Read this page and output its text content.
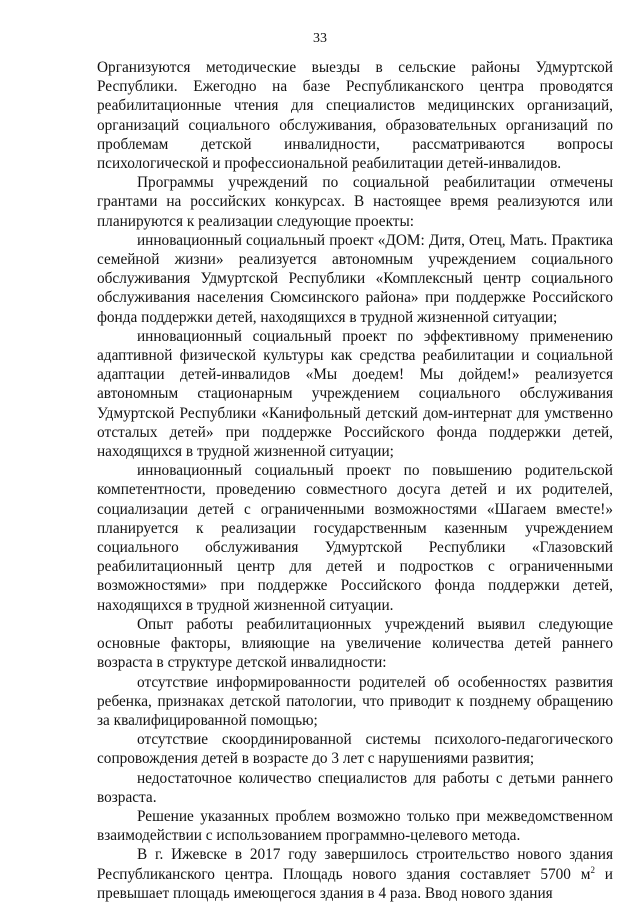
33

Организуются методические выезды в сельские районы Удмуртской Республики. Ежегодно на базе Республиканского центра проводятся реабилитационные чтения для специалистов медицинских организаций, организаций социального обслуживания, образовательных организаций по проблемам детской инвалидности, рассматриваются вопросы психологической и профессиональной реабилитации детей-инвалидов.

Программы учреждений по социальной реабилитации отмечены грантами на российских конкурсах. В настоящее время реализуются или планируются к реализации следующие проекты:

инновационный социальный проект «ДОМ: Дитя, Отец, Мать. Практика семейной жизни» реализуется автономным учреждением социального обслуживания Удмуртской Республики «Комплексный центр социального обслуживания населения Сюмсинского района» при поддержке Российского фонда поддержки детей, находящихся в трудной жизненной ситуации;

инновационный социальный проект по эффективному применению адаптивной физической культуры как средства реабилитации и социальной адаптации детей-инвалидов «Мы доедем! Мы дойдем!» реализуется автономным стационарным учреждением социального обслуживания Удмуртской Республики «Канифольный детский дом-интернат для умственно отсталых детей» при поддержке Российского фонда поддержки детей, находящихся в трудной жизненной ситуации;

инновационный социальный проект по повышению родительской компетентности, проведению совместного досуга детей и их родителей, социализации детей с ограниченными возможностями «Шагаем вместе!» планируется к реализации государственным казенным учреждением социального обслуживания Удмуртской Республики «Глазовский реабилитационный центр для детей и подростков с ограниченными возможностями» при поддержке Российского фонда поддержки детей, находящихся в трудной жизненной ситуации.

Опыт работы реабилитационных учреждений выявил следующие основные факторы, влияющие на увеличение количества детей раннего возраста в структуре детской инвалидности:

отсутствие информированности родителей об особенностях развития ребенка, признаках детской патологии, что приводит к позднему обращению за квалифицированной помощью;

отсутствие скоординированной системы психолого-педагогического сопровождения детей в возрасте до 3 лет с нарушениями развития;

недостаточное количество специалистов для работы с детьми раннего возраста.

Решение указанных проблем возможно только при межведомственном взаимодействии с использованием программно-целевого метода.

В г. Ижевске в 2017 году завершилось строительство нового здания Республиканского центра. Площадь нового здания составляет 5700 $м^2$ и превышает площадь имеющегося здания в 4 раза. Ввод нового здания
